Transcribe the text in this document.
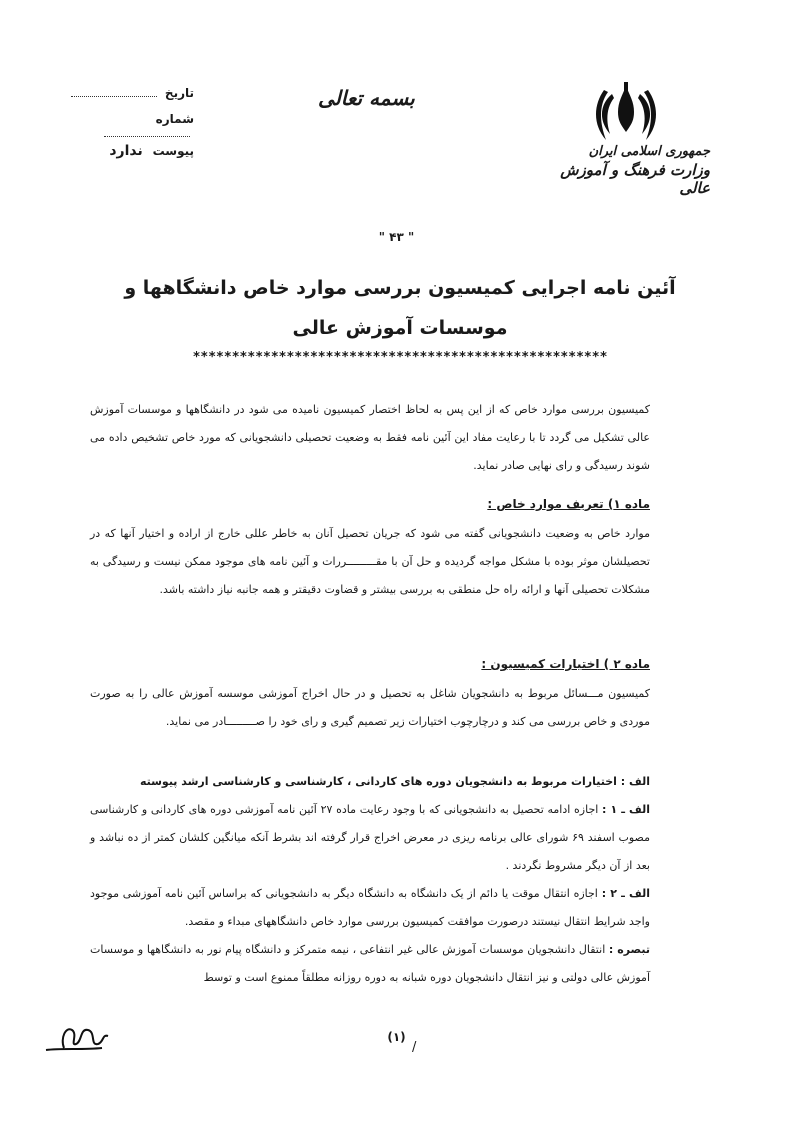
جمهوری اسلامی ایران
وزارت فرهنگ و آموزش عالی
بسمه تعالی
تاریخ
شماره
پیوست ﻧﺪﺍﺭﺩ
" ۴۳ "
آئین نامه اجرایی کمیسیون بررسی موارد خاص دانشگاهها و
موسسات آموزش عالی
*****************************************************

کمیسیون بررسی موارد خاص که از این پس به لحاظ اختصار کمیسیون نامیده می شود در دانشگاهها و موسسات آموزش عالی تشکیل می گردد تا با رعایت مفاد این آئین نامه فقط به وضعیت تحصیلی دانشجویانی که مورد خاص تشخیص داده می شوند رسیدگی و رای نهایی صادر نماید.

ماده ۱) تعریف موارد خاص :

موارد خاص به وضعیت دانشجویانی گفته می شود که جریان تحصیل آنان به خاطر عللی خارج از اراده و اختیار آنها که در تحصیلشان موثر بوده با مشکل مواجه گردیده و حل آن با مقـــــــــررات و آئین نامه های موجود ممکن نیست و رسیدگی به مشکلات تحصیلی آنها و ارائه راه حل منطقی به بررسی بیشتر و قضاوت دقیقتر و همه جانبه نیاز داشته باشد.

ماده ۲ ) اختیارات کمیسیون :

کمیسیون مـــسائل مربوط به دانشجویان شاغل به تحصیل و در حال اخراج آموزشی موسسه آموزش عالی را به صورت موردی و خاص بررسی می کند و درچارچوب اختیارات زیر تصمیم گیری و رای خود را صـــــــــادر می نماید.

الف : اختیارات مربوط به دانشجویان دوره های کاردانی ، کارشناسی و کارشناسی ارشد پیوسته

الف ـ ۱ : اجازه ادامه تحصیل به دانشجویانی که با وجود رعایت ماده ۲۷ آئین نامه آموزشی دوره های کاردانی و کارشناسی مصوب اسفند ۶۹ شورای عالی برنامه ریزی در معرض اخراج قرار گرفته اند بشرط آنکه میانگین کلشان کمتر از ده نباشد و بعد از آن دیگر مشروط نگردند .

الف ـ ۲ : اجازه انتقال موقت یا دائم از یک دانشگاه به دانشگاه دیگر به دانشجویانی که براساس آئین نامه آموزشی موجود واجد شرایط انتقال نیستند درصورت موافقت کمیسیون بررسی موارد خاص دانشگاههای مبداء و مقصد.

تبصره : انتقال دانشجویان موسسات آموزش عالی غیر انتفاعی ، نیمه متمرکز و دانشگاه پیام نور به دانشگاهها و موسسات آموزش عالی دولتی و نیز انتقال دانشجویان دوره شبانه به دوره روزانه مطلقاً ممنوع است و توسط

(۱)
/
